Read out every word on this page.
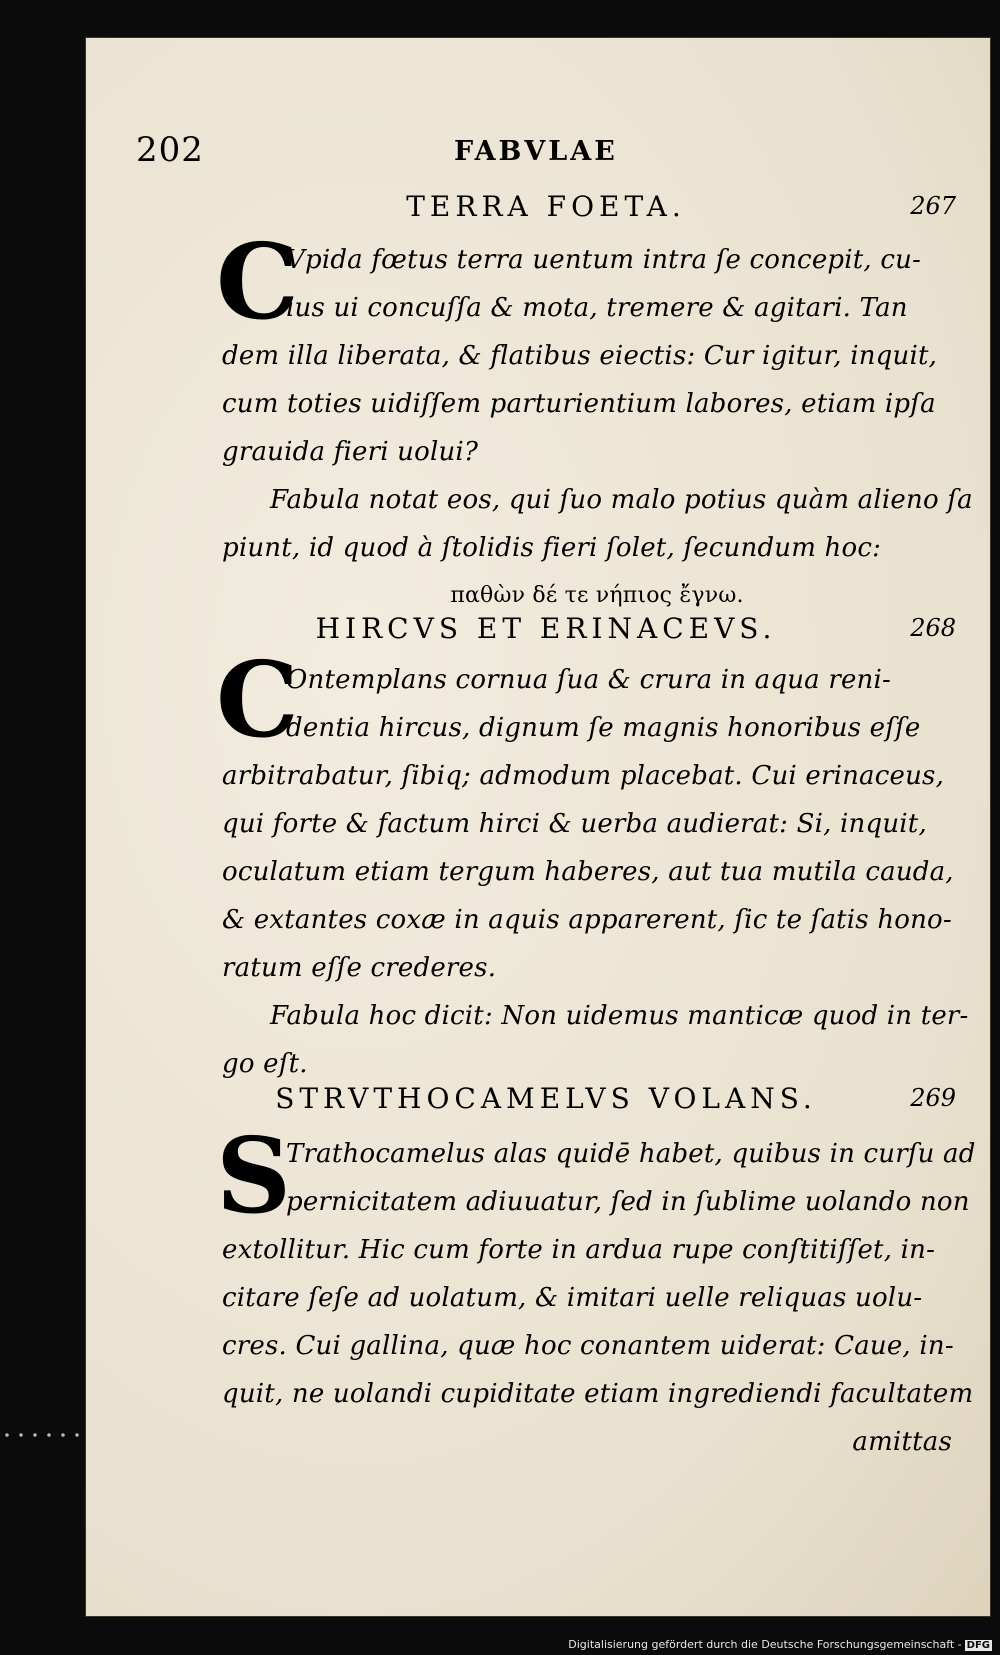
202	FABVLAE
TERRA FOETA.	267
C
Vpida fœtus terra uentum intra ſe concepit, cu-
ius ui concuſſa & mota, tremere & agitari. Tan
dem illa liberata, & flatibus eiectis: Cur igitur, inquit,
cum toties uidiſſem parturientium labores, etiam ipſa
grauida fieri uolui?
Fabula notat eos, qui ſuo malo potius quàm alieno ſa
piunt, id quod à ſtolidis fieri ſolet, ſecundum hoc:
παθὼν δέ τε νήπιος ἔγνω.
HIRCVS ET ERINACEVS.	268
C
Ontemplans cornua ſua & crura in aqua reni-
dentia hircus, dignum ſe magnis honoribus eſſe
arbitrabatur, ſibiq; admodum placebat. Cui erinaceus,
qui forte & factum hirci & uerba audierat: Si, inquit,
oculatum etiam tergum haberes, aut tua mutila cauda,
& extantes coxæ in aquis apparerent, ſic te ſatis hono-
ratum eſſe crederes.
Fabula hoc dicit: Non uidemus manticæ quod in ter-
go eſt.
STRVTHOCAMELVS VOLANS.	269
S
Trathocamelus alas quidē habet, quibus in curſu ad
pernicitatem adiuuatur, ſed in ſublime uolando non
extollitur. Hic cum forte in ardua rupe conſtitiſſet, in-
citare ſeſe ad uolatum, & imitari uelle reliquas uolu-
cres. Cui gallina, quæ hoc conantem uiderat: Caue, in-
quit, ne uolandi cupiditate etiam ingrediendi facultatem
amittas
Digitalisierung gefördert durch die Deutsche Forschungsgemeinschaft - DFG
